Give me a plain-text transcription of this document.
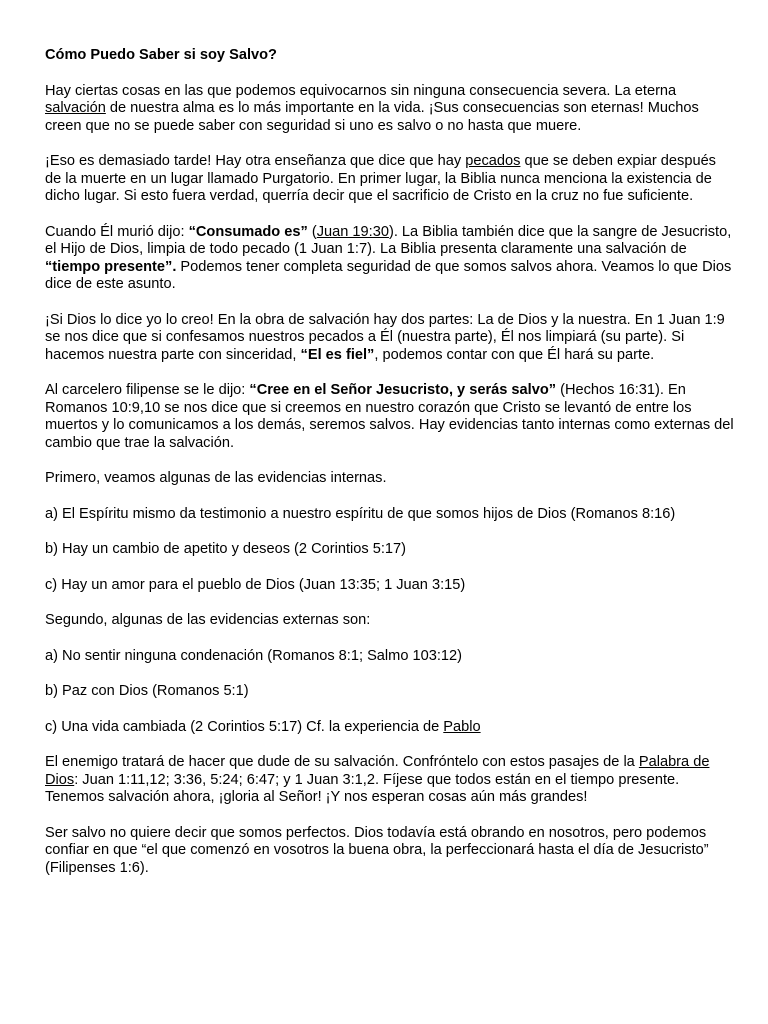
Cómo Puedo Saber si soy Salvo?

Hay ciertas cosas en las que podemos equivocarnos sin ninguna consecuencia severa. La eterna salvación de nuestra alma es lo más importante en la vida. ¡Sus consecuencias son eternas! Muchos creen que no se puede saber con seguridad si uno es salvo o no hasta que muere.

¡Eso es demasiado tarde! Hay otra enseñanza que dice que hay pecados que se deben expiar después de la muerte en un lugar llamado Purgatorio. En primer lugar, la Biblia nunca menciona la existencia de dicho lugar. Si esto fuera verdad, querría decir que el sacrificio de Cristo en la cruz no fue suficiente.

Cuando Él murió dijo: “Consumado es” (Juan 19:30). La Biblia también dice que la sangre de Jesucristo, el Hijo de Dios, limpia de todo pecado (1 Juan 1:7). La Biblia presenta claramente una salvación de “tiempo presente”. Podemos tener completa seguridad de que somos salvos ahora. Veamos lo que Dios dice de este asunto.

¡Si Dios lo dice yo lo creo! En la obra de salvación hay dos partes: La de Dios y la nuestra. En 1 Juan 1:9 se nos dice que si confesamos nuestros pecados a Él (nuestra parte), Él nos limpiará (su parte). Si hacemos nuestra parte con sinceridad, “El es fiel”, podemos contar con que Él hará su parte.

Al carcelero filipense se le dijo: “Cree en el Señor Jesucristo, y serás salvo” (Hechos 16:31). En Romanos 10:9,10 se nos dice que si creemos en nuestro corazón que Cristo se levantó de entre los muertos y lo comunicamos a los demás, seremos salvos. Hay evidencias tanto internas como externas del cambio que trae la salvación.

Primero, veamos algunas de las evidencias internas.

a) El Espíritu mismo da testimonio a nuestro espíritu de que somos hijos de Dios (Romanos 8:16)

b) Hay un cambio de apetito y deseos (2 Corintios 5:17)

c) Hay un amor para el pueblo de Dios (Juan 13:35; 1 Juan 3:15)

Segundo, algunas de las evidencias externas son:

a) No sentir ninguna condenación (Romanos 8:1; Salmo 103:12)

b) Paz con Dios (Romanos 5:1)

c) Una vida cambiada (2 Corintios 5:17) Cf. la experiencia de Pablo

El enemigo tratará de hacer que dude de su salvación. Confróntelo con estos pasajes de la Palabra de Dios: Juan 1:11,12; 3:36, 5:24; 6:47; y 1 Juan 3:1,2. Fíjese que todos están en el tiempo presente. Tenemos salvación ahora, ¡gloria al Señor! ¡Y nos esperan cosas aún más grandes!

Ser salvo no quiere decir que somos perfectos. Dios todavía está obrando en nosotros, pero podemos confiar en que “el que comenzó en vosotros la buena obra, la perfeccionará hasta el día de Jesucristo” (Filipenses 1:6).
